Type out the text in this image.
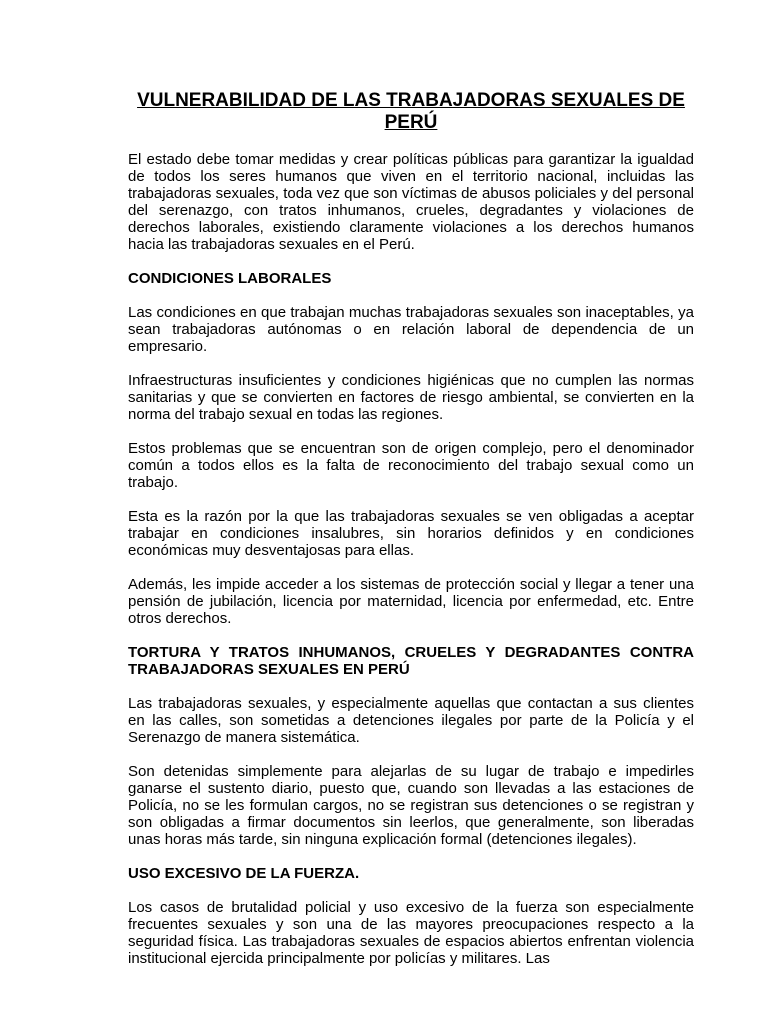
VULNERABILIDAD DE LAS TRABAJADORAS SEXUALES DE PERÚ

El estado debe tomar medidas y crear políticas públicas para garantizar la igualdad de todos los seres humanos que viven en el territorio nacional, incluidas las trabajadoras sexuales, toda vez que son víctimas de abusos policiales y del personal del serenazgo, con tratos inhumanos, crueles, degradantes y violaciones de derechos laborales, existiendo claramente violaciones a los derechos humanos hacia las trabajadoras sexuales en el Perú.

CONDICIONES LABORALES

Las condiciones en que trabajan muchas trabajadoras sexuales son inaceptables, ya sean trabajadoras autónomas o en relación laboral de dependencia de un empresario.

Infraestructuras insuficientes y condiciones higiénicas que no cumplen las normas sanitarias y que se convierten en factores de riesgo ambiental, se convierten en la norma del trabajo sexual en todas las regiones.

Estos problemas que se encuentran son de origen complejo, pero el denominador común a todos ellos es la falta de reconocimiento del trabajo sexual como un trabajo.

Esta es la razón por la que las trabajadoras sexuales se ven obligadas a aceptar trabajar en condiciones insalubres, sin horarios definidos y en condiciones económicas muy desventajosas para ellas.

Además, les impide acceder a los sistemas de protección social y llegar a tener una pensión de jubilación, licencia por maternidad, licencia por enfermedad, etc. Entre otros derechos.

TORTURA Y TRATOS INHUMANOS, CRUELES Y DEGRADANTES CONTRA TRABAJADORAS SEXUALES EN PERÚ

Las trabajadoras sexuales, y especialmente aquellas que contactan a sus clientes en las calles, son sometidas a detenciones ilegales por parte de la Policía y el Serenazgo de manera sistemática.

Son detenidas simplemente para alejarlas de su lugar de trabajo e impedirles ganarse el sustento diario, puesto que, cuando son llevadas a las estaciones de Policía, no se les formulan cargos, no se registran sus detenciones o se registran y son obligadas a firmar documentos sin leerlos, que generalmente, son liberadas unas horas más tarde, sin ninguna explicación formal (detenciones ilegales).

USO EXCESIVO DE LA FUERZA.

Los casos de brutalidad policial y uso excesivo de la fuerza son especialmente frecuentes sexuales y son una de las mayores preocupaciones respecto a la seguridad física. Las trabajadoras sexuales de espacios abiertos enfrentan violencia institucional ejercida principalmente por policías y militares. Las
